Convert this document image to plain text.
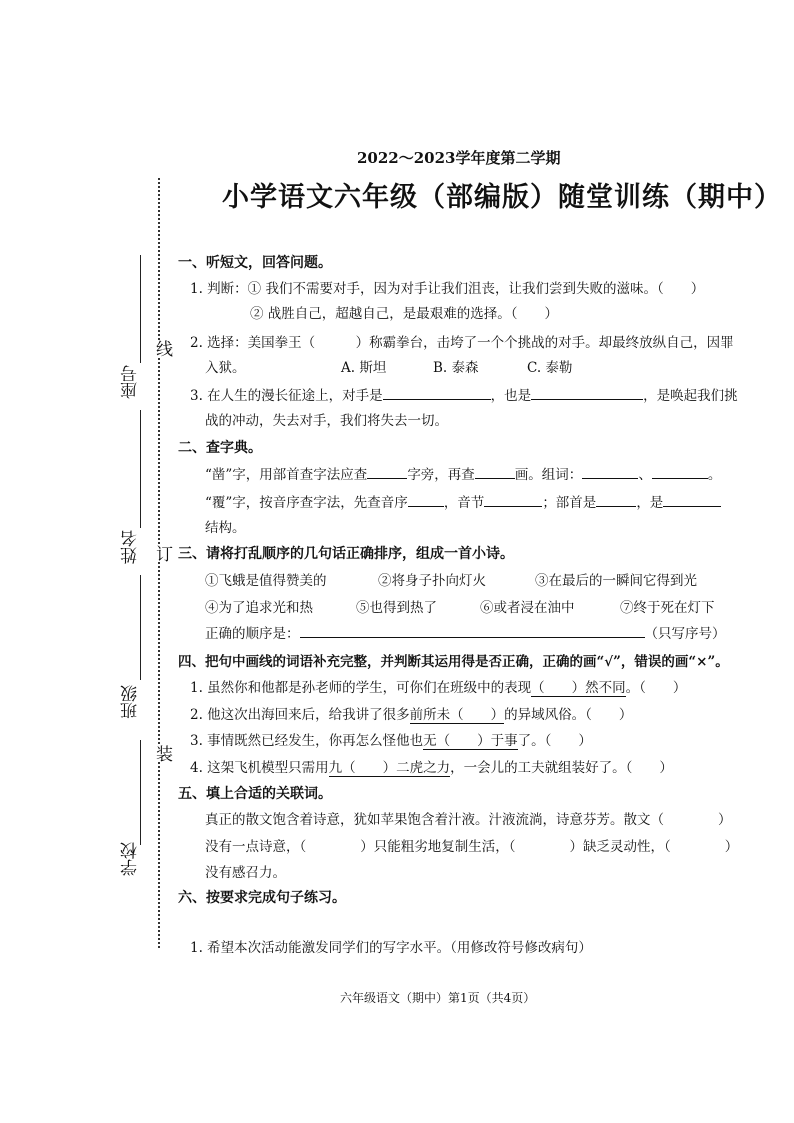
2022～2023学年度第二学期
小学语文六年级（部编版）随堂训练（期中）
座号
姓名
班级
学校
线
订
装
一、听短文，回答问题。
1. 判断：① 我们不需要对手，因为对手让我们沮丧，让我们尝到失败的滋味。（　　）
② 战胜自己，超越自己，是最艰难的选择。（　　）
2. 选择：美国拳王（　　　）称霸拳台，击垮了一个个挑战的对手。却最终放纵自己，因罪
入狱。	A. 斯坦	B. 泰森	C. 泰勒
3. 在人生的漫长征途上，对手是	，也是	，是唤起我们挑
战的冲动，失去对手，我们将失去一切。
二、查字典。
“凿”字，用部首查字法应查	字旁，再查	画。组词：	、	。
“覆”字，按音序查字法，先查音序	，音节	；部首是	，是
结构。
三、请将打乱顺序的几句话正确排序，组成一首小诗。
①飞蛾是值得赞美的	②将身子扑向灯火	③在最后的一瞬间它得到光
④为了追求光和热	⑤也得到热了	⑥或者浸在油中	⑦终于死在灯下
正确的顺序是：	（只写序号）
四、把句中画线的词语补充完整，并判断其运用得是否正确，正确的画“√”，错误的画“×”。
1. 虽然你和他都是孙老师的学生，可你们在班级中的表现（　　）然不同。（　　）
2. 他这次出海回来后，给我讲了很多前所未（　　）的异域风俗。（　　）
3. 事情既然已经发生，你再怎么怪他也无（　　）于事了。（　　）
4. 这架飞机模型只需用九（　　）二虎之力，一会儿的工夫就组装好了。（　　）
五、填上合适的关联词。
真正的散文饱含着诗意，犹如苹果饱含着汁液。汁液流淌，诗意芬芳。散文（　　　　）
没有一点诗意，（　　　　）只能粗劣地复制生活，（　　　　）缺乏灵动性，（　　　　）
没有感召力。
六、按要求完成句子练习。
1. 希望本次活动能激发同学们的写字水平。（用修改符号修改病句）
六年级语文（期中）第1页（共4页）
